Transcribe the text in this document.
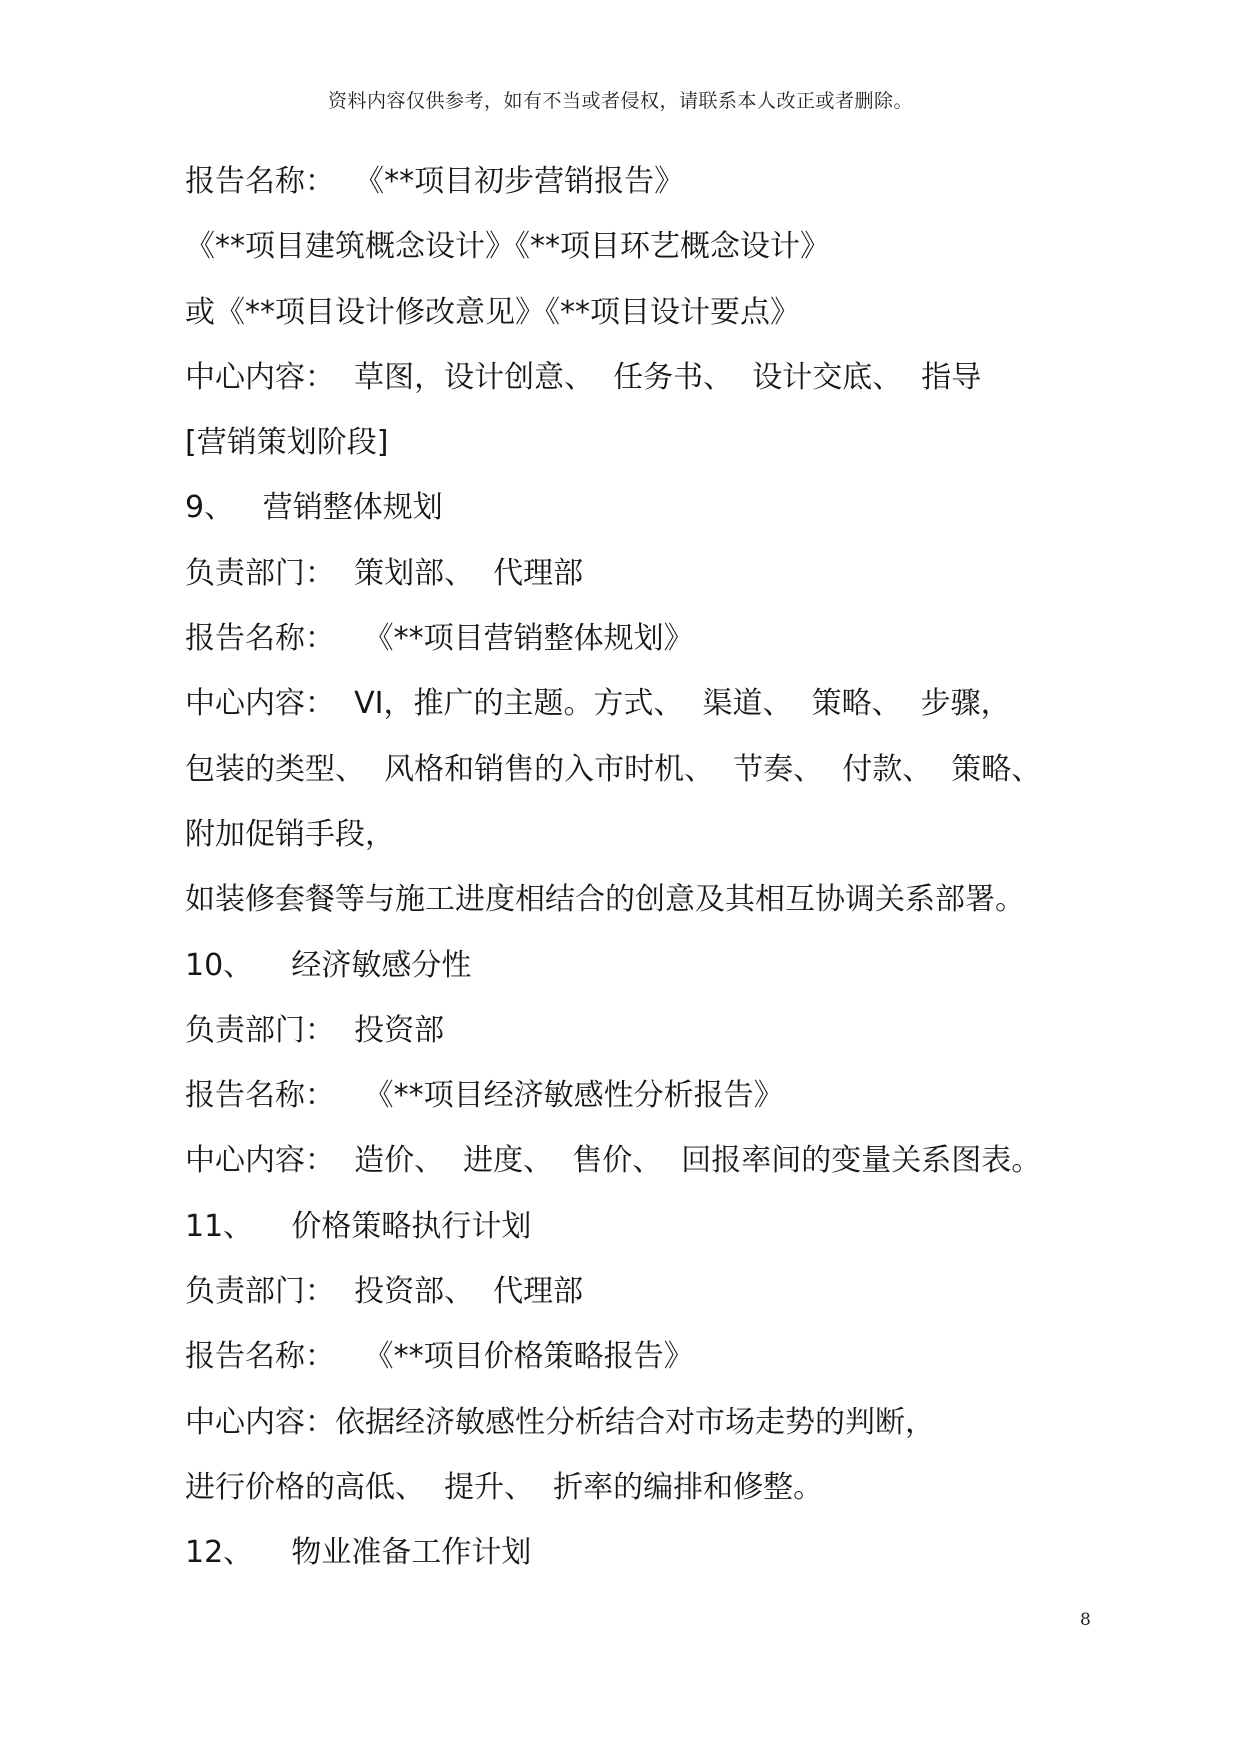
资料内容仅供参考，如有不当或者侵权，请联系本人改正或者删除。
报告名称：  《**项目初步营销报告》
《**项目建筑概念设计》《**项目环艺概念设计》
或《**项目设计修改意见》《**项目设计要点》
中心内容：  草图，设计创意、  任务书、  设计交底、  指导
[营销策划阶段]
9、   营销整体规划
负责部门：  策划部、  代理部
报告名称：   《**项目营销整体规划》
中心内容：  VI，推广的主题。方式、  渠道、  策略、  步骤，
包装的类型、  风格和销售的入市时机、  节奏、  付款、  策略、
附加促销手段，
如装修套餐等与施工进度相结合的创意及其相互协调关系部署。
10、    经济敏感分性
负责部门：  投资部
报告名称：   《**项目经济敏感性分析报告》
中心内容：  造价、  进度、  售价、  回报率间的变量关系图表。
11、    价格策略执行计划
负责部门：  投资部、  代理部
报告名称：   《**项目价格策略报告》
中心内容：依据经济敏感性分析结合对市场走势的判断，
进行价格的高低、  提升、  折率的编排和修整。
12、    物业准备工作计划
8
